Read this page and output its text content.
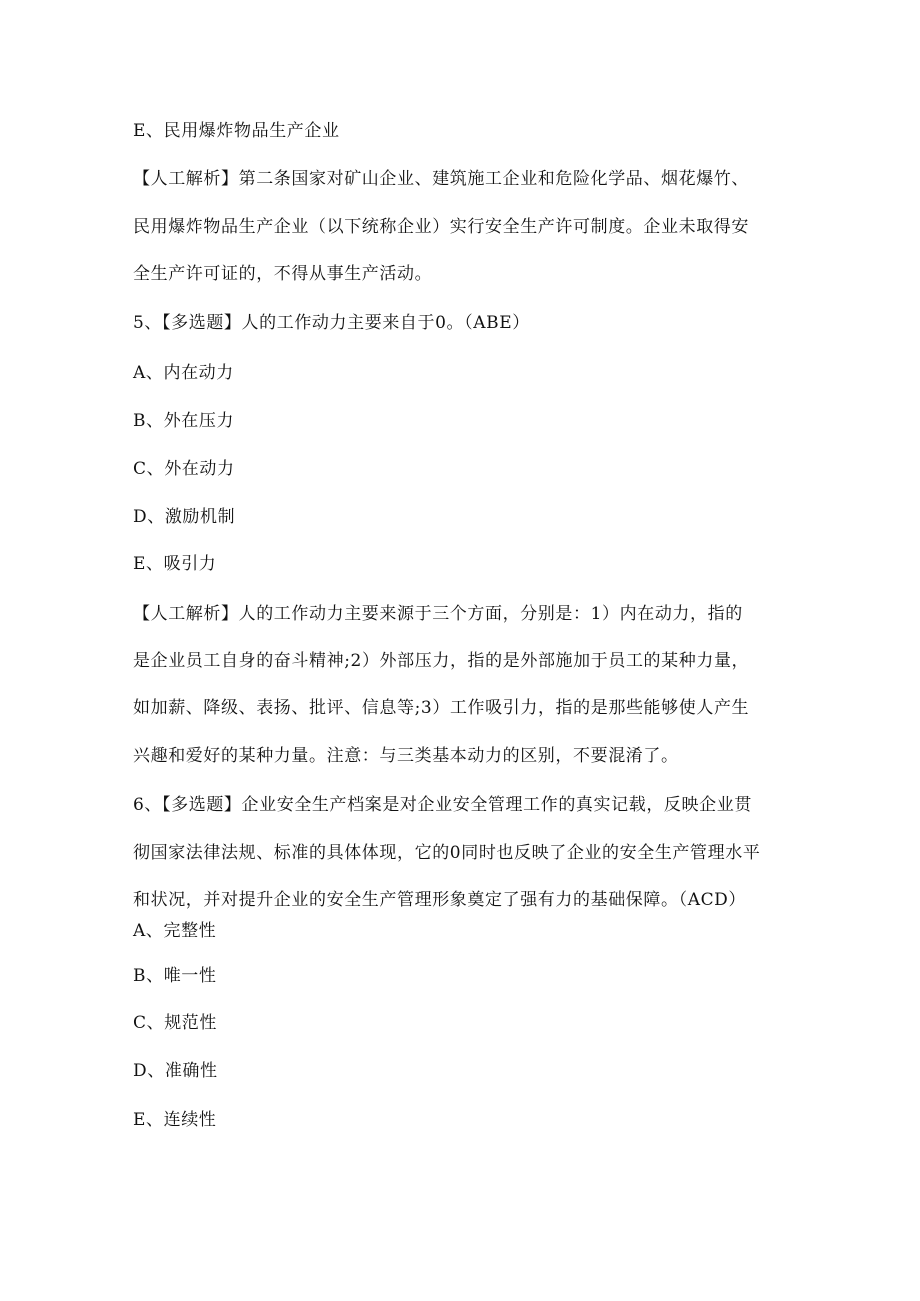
E、民用爆炸物品生产企业
【人工解析】第二条国家对矿山企业、建筑施工企业和危险化学品、烟花爆竹、
民用爆炸物品生产企业（以下统称企业）实行安全生产许可制度。企业未取得安
全生产许可证的，不得从事生产活动。
5、【多选题】人的工作动力主要来自于0。（ABE）
A、内在动力
B、外在压力
C、外在动力
D、激励机制
E、吸引力
【人工解析】人的工作动力主要来源于三个方面，分别是：1）内在动力，指的
是企业员工自身的奋斗精神;2）外部压力，指的是外部施加于员工的某种力量，
如加薪、降级、表扬、批评、信息等;3）工作吸引力，指的是那些能够使人产生
兴趣和爱好的某种力量。注意：与三类基本动力的区别，不要混淆了。
6、【多选题】企业安全生产档案是对企业安全管理工作的真实记载，反映企业贯
彻国家法律法规、标准的具体体现，它的0同时也反映了企业的安全生产管理水平
和状况，并对提升企业的安全生产管理形象奠定了强有力的基础保障。（ACD）
A、完整性
B、唯一性
C、规范性
D、准确性
E、连续性
